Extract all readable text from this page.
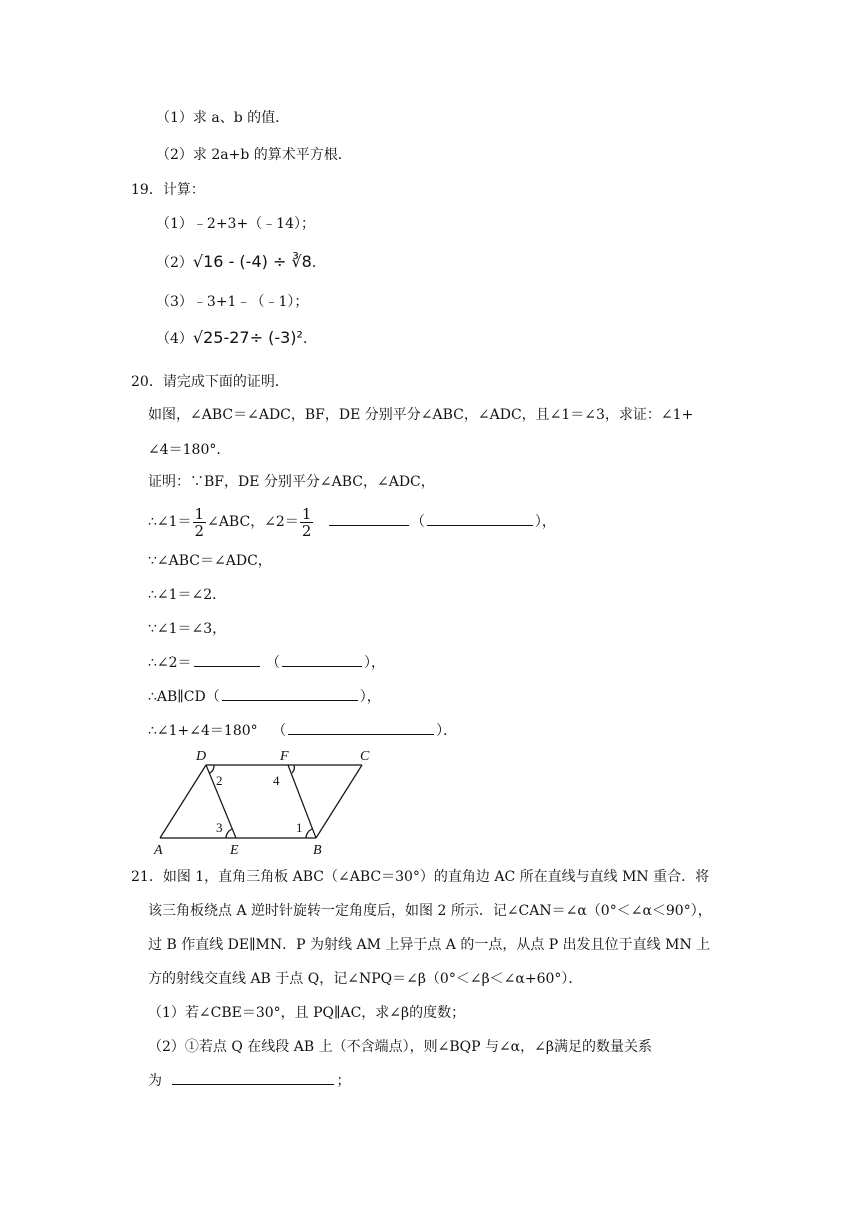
（1）求 a、b 的值．
（2）求 2a+b 的算术平方根．
19．计算：
（1）﹣2+3+（﹣14）；
（2）√16 - (-4) ÷ ∛8．
（3）﹣3+1﹣（﹣1）；
（4）√25-27÷ (-3)²．
20．请完成下面的证明．
如图，∠ABC＝∠ADC，BF，DE 分别平分∠ABC，∠ADC，且∠1＝∠3，求证：∠1+
∠4＝180°．
证明：∵BF，DE 分别平分∠ABC，∠ADC，
∴∠1＝ $\frac{1}{2}$ ∠ABC，∠2＝ $\frac{1}{2}$	（	），
∵∠ABC＝∠ADC，
∴∠1＝∠2．
∵∠1＝∠3，
∴∠2＝	（	），
∴AB∥CD（	），
∴∠1+∠4＝180° （	）．
A	E	B
D	F	C
2
3
4
1
21．如图 1，直角三角板 ABC（∠ABC＝30°）的直角边 AC 所在直线与直线 MN 重合．将
该三角板绕点 A 逆时针旋转一定角度后，如图 2 所示．记∠CAN＝∠α（0°＜∠α＜90°），
过 B 作直线 DE∥MN．P 为射线 AM 上异于点 A 的一点，从点 P 出发且位于直线 MN 上
方的射线交直线 AB 于点 Q，记∠NPQ＝∠β（0°＜∠β＜∠α+60°）．
（1）若∠CBE＝30°，且 PQ∥AC，求∠β的度数；
（2）①若点 Q 在线段 AB 上（不含端点），则∠BQP 与∠α，∠β满足的数量关系
为	；
